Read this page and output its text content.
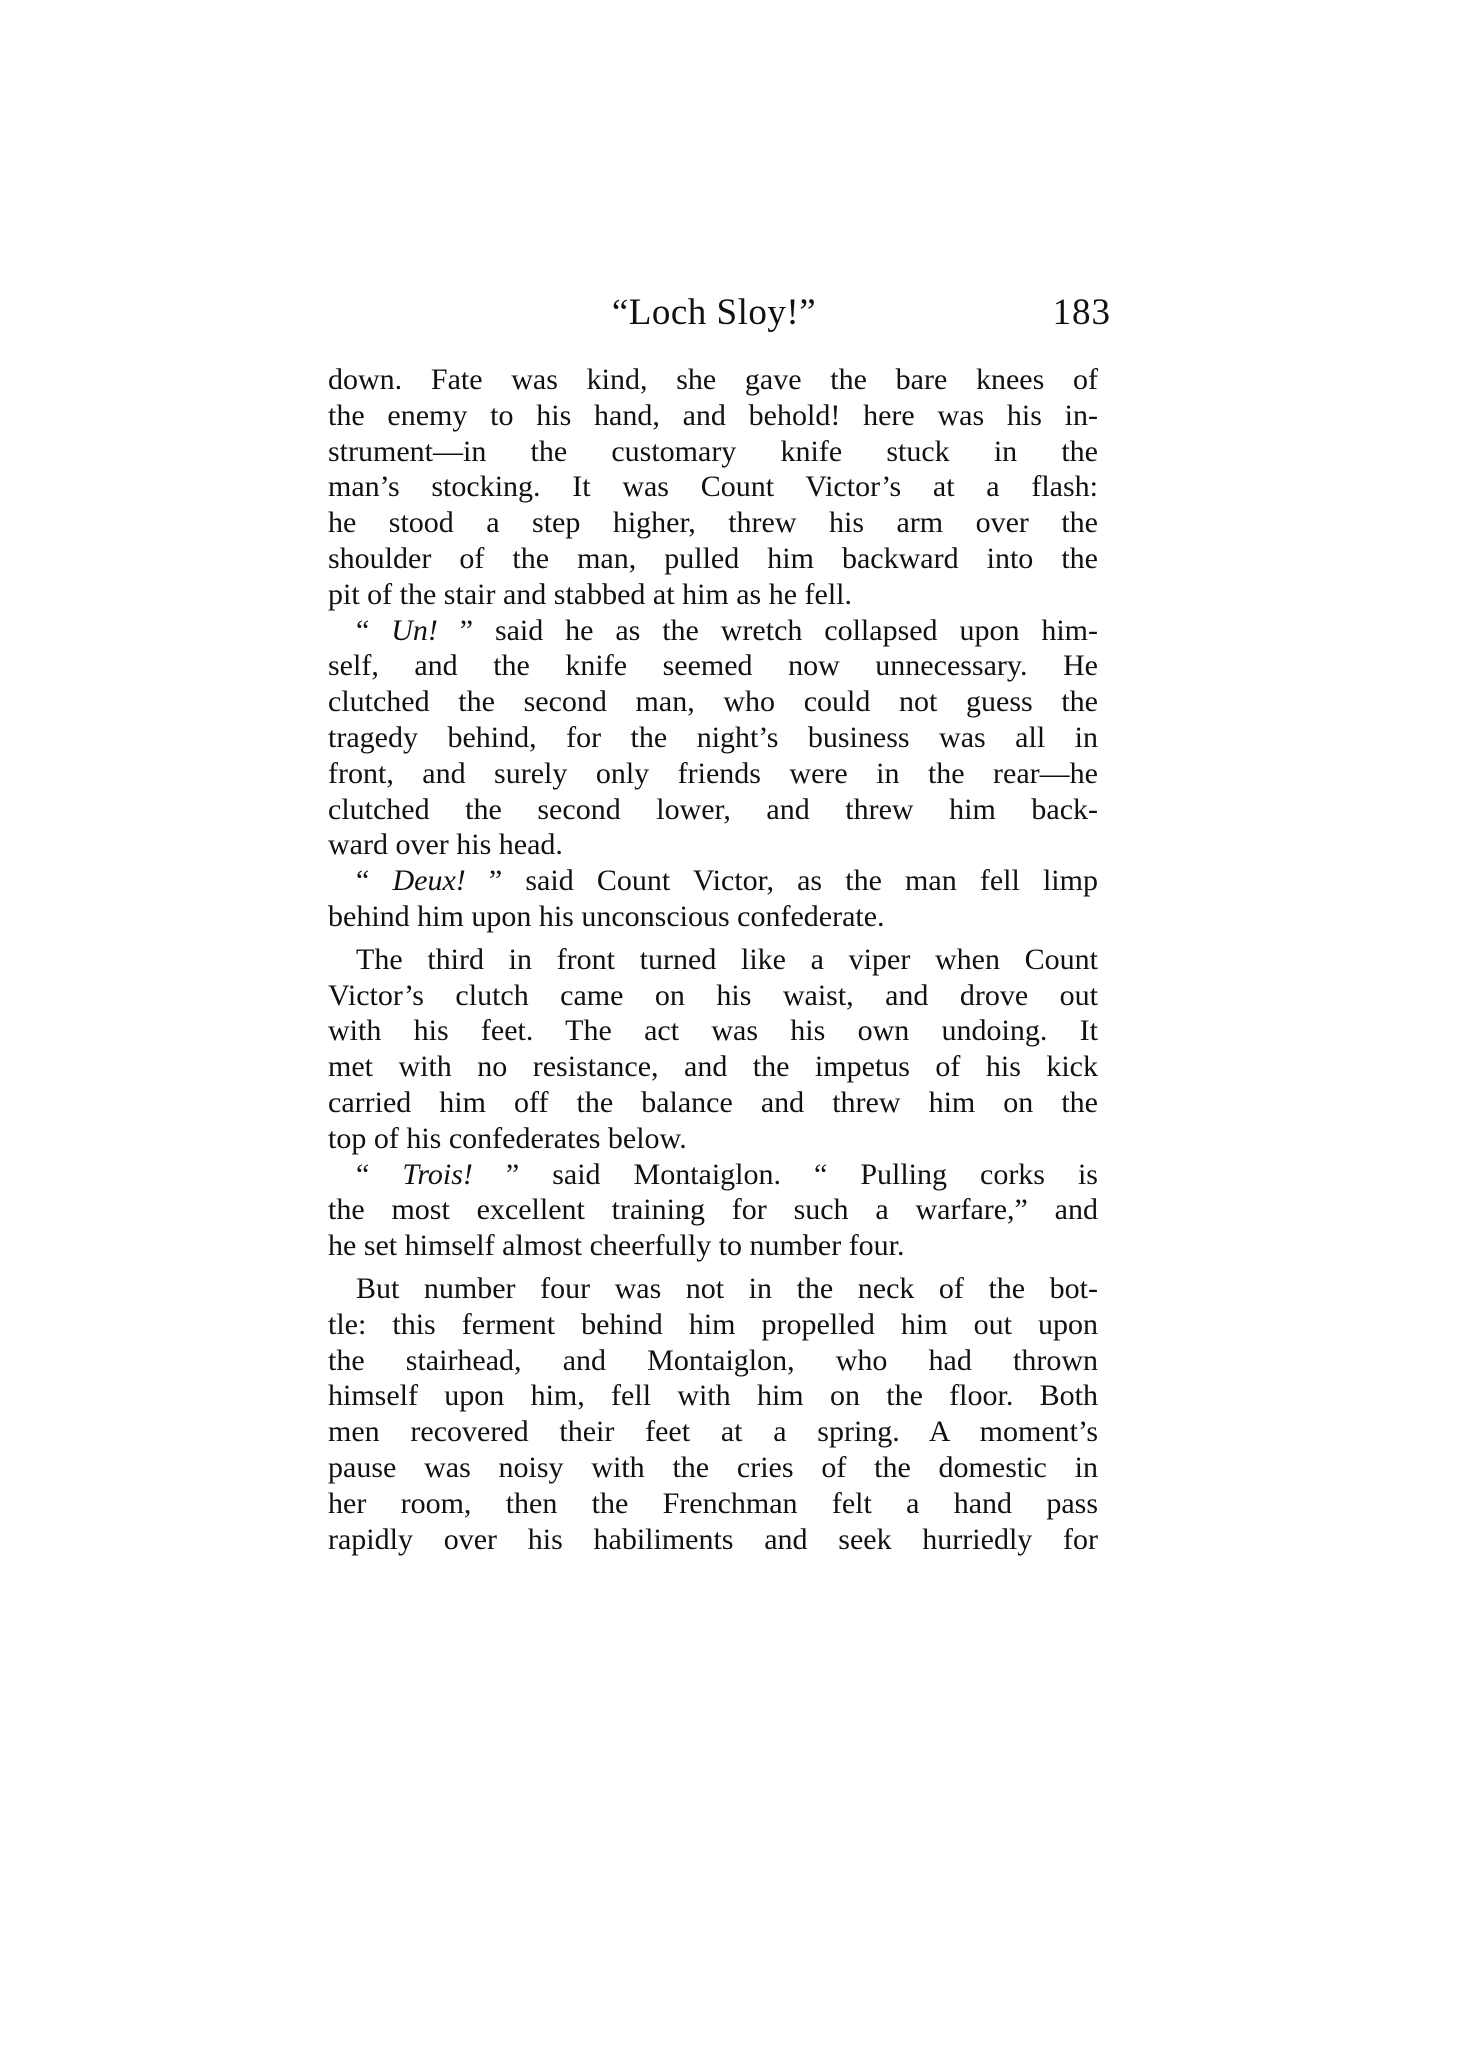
“Loch Sloy!”	183
down. Fate was kind, she gave the bare knees of
the enemy to his hand, and behold! here was his in-
strument—in the customary knife stuck in the
man’s stocking. It was Count Victor’s at a flash:
he stood a step higher, threw his arm over the
shoulder of the man, pulled him backward into the
pit of the stair and stabbed at him as he fell.
“ Un! ” said he as the wretch collapsed upon him-
self, and the knife seemed now unnecessary. He
clutched the second man, who could not guess the
tragedy behind, for the night’s business was all in
front, and surely only friends were in the rear—he
clutched the second lower, and threw him back-
ward over his head.
“ Deux! ” said Count Victor, as the man fell limp
behind him upon his unconscious confederate.
The third in front turned like a viper when Count
Victor’s clutch came on his waist, and drove out
with his feet. The act was his own undoing. It
met with no resistance, and the impetus of his kick
carried him off the balance and threw him on the
top of his confederates below.
“ Trois! ” said Montaiglon. “ Pulling corks is
the most excellent training for such a warfare,” and
he set himself almost cheerfully to number four.
But number four was not in the neck of the bot-
tle: this ferment behind him propelled him out upon
the stairhead, and Montaiglon, who had thrown
himself upon him, fell with him on the floor. Both
men recovered their feet at a spring. A moment’s
pause was noisy with the cries of the domestic in
her room, then the Frenchman felt a hand pass
rapidly over his habiliments and seek hurriedly for
